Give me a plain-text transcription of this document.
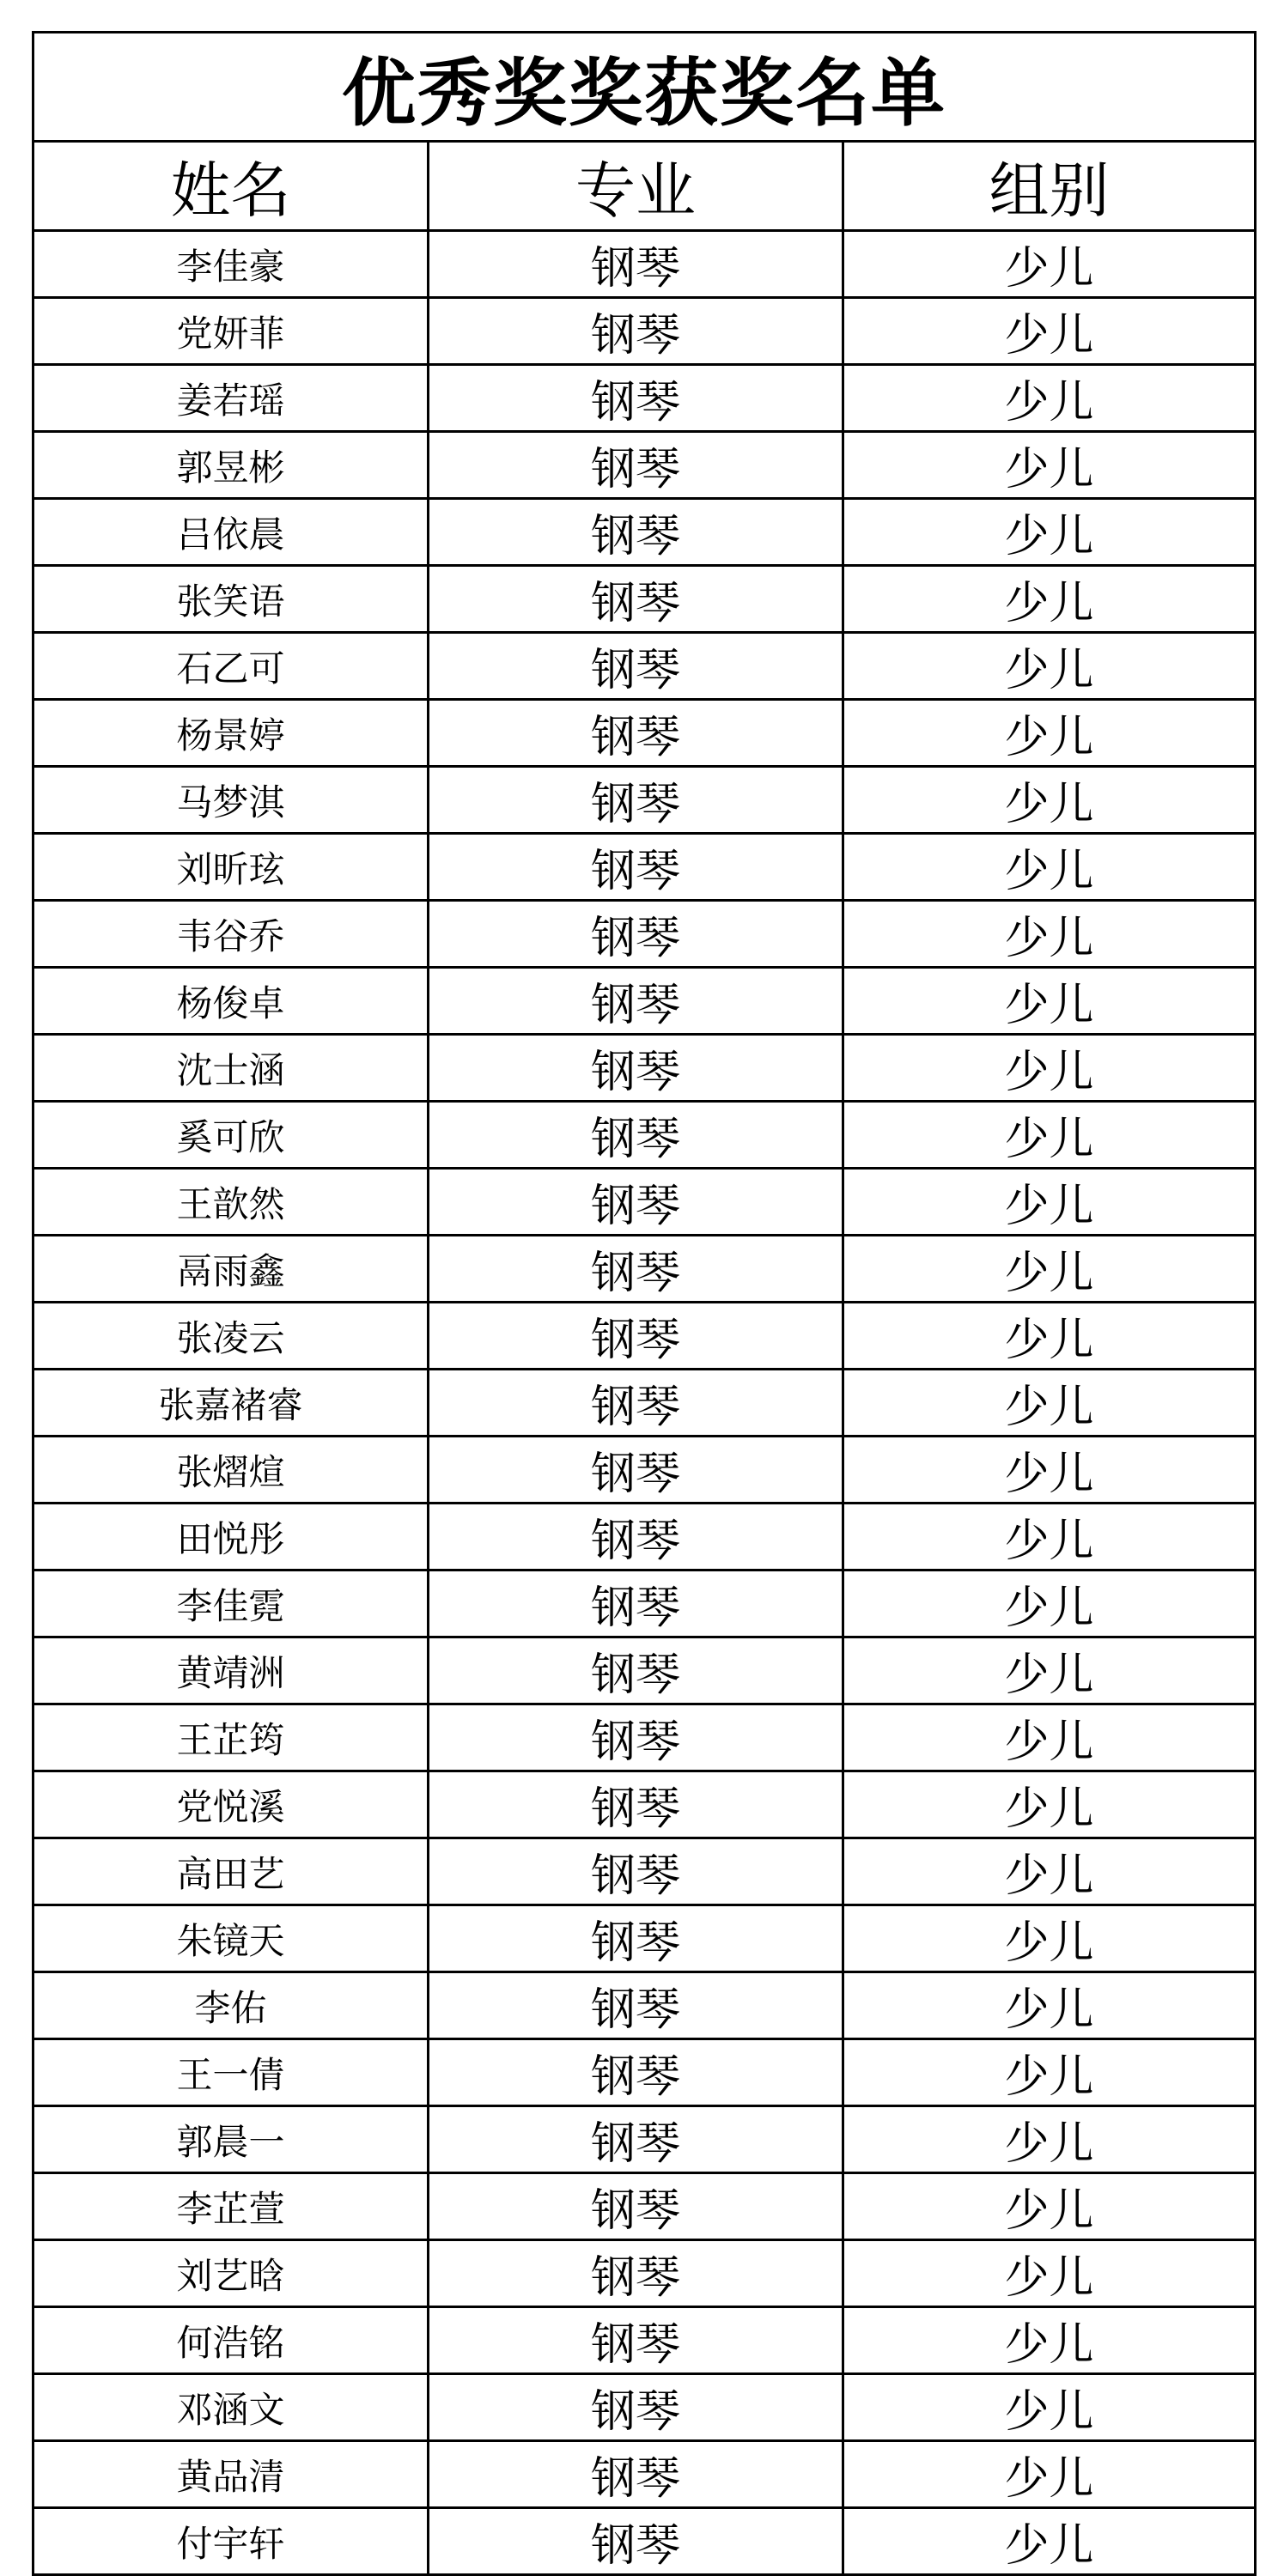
优秀奖奖获奖名单		
姓名	专业	组别
李佳豪	钢琴	少儿
党妍菲	钢琴	少儿
姜若瑶	钢琴	少儿
郭昱彬	钢琴	少儿
吕依晨	钢琴	少儿
张笑语	钢琴	少儿
石乙可	钢琴	少儿
杨景婷	钢琴	少儿
马梦淇	钢琴	少儿
刘昕玹	钢琴	少儿
韦谷乔	钢琴	少儿
杨俊卓	钢琴	少儿
沈士涵	钢琴	少儿
奚可欣	钢琴	少儿
王歆然	钢琴	少儿
鬲雨鑫	钢琴	少儿
张凌云	钢琴	少儿
张嘉褚睿	钢琴	少儿
张熠煊	钢琴	少儿
田悦彤	钢琴	少儿
李佳霓	钢琴	少儿
黄靖洲	钢琴	少儿
王芷筠	钢琴	少儿
党悦溪	钢琴	少儿
高田艺	钢琴	少儿
朱镜天	钢琴	少儿
李佑	钢琴	少儿
王一倩	钢琴	少儿
郭晨一	钢琴	少儿
李芷萱	钢琴	少儿
刘艺晗	钢琴	少儿
何浩铭	钢琴	少儿
邓涵文	钢琴	少儿
黄品清	钢琴	少儿
付宇轩	钢琴	少儿
